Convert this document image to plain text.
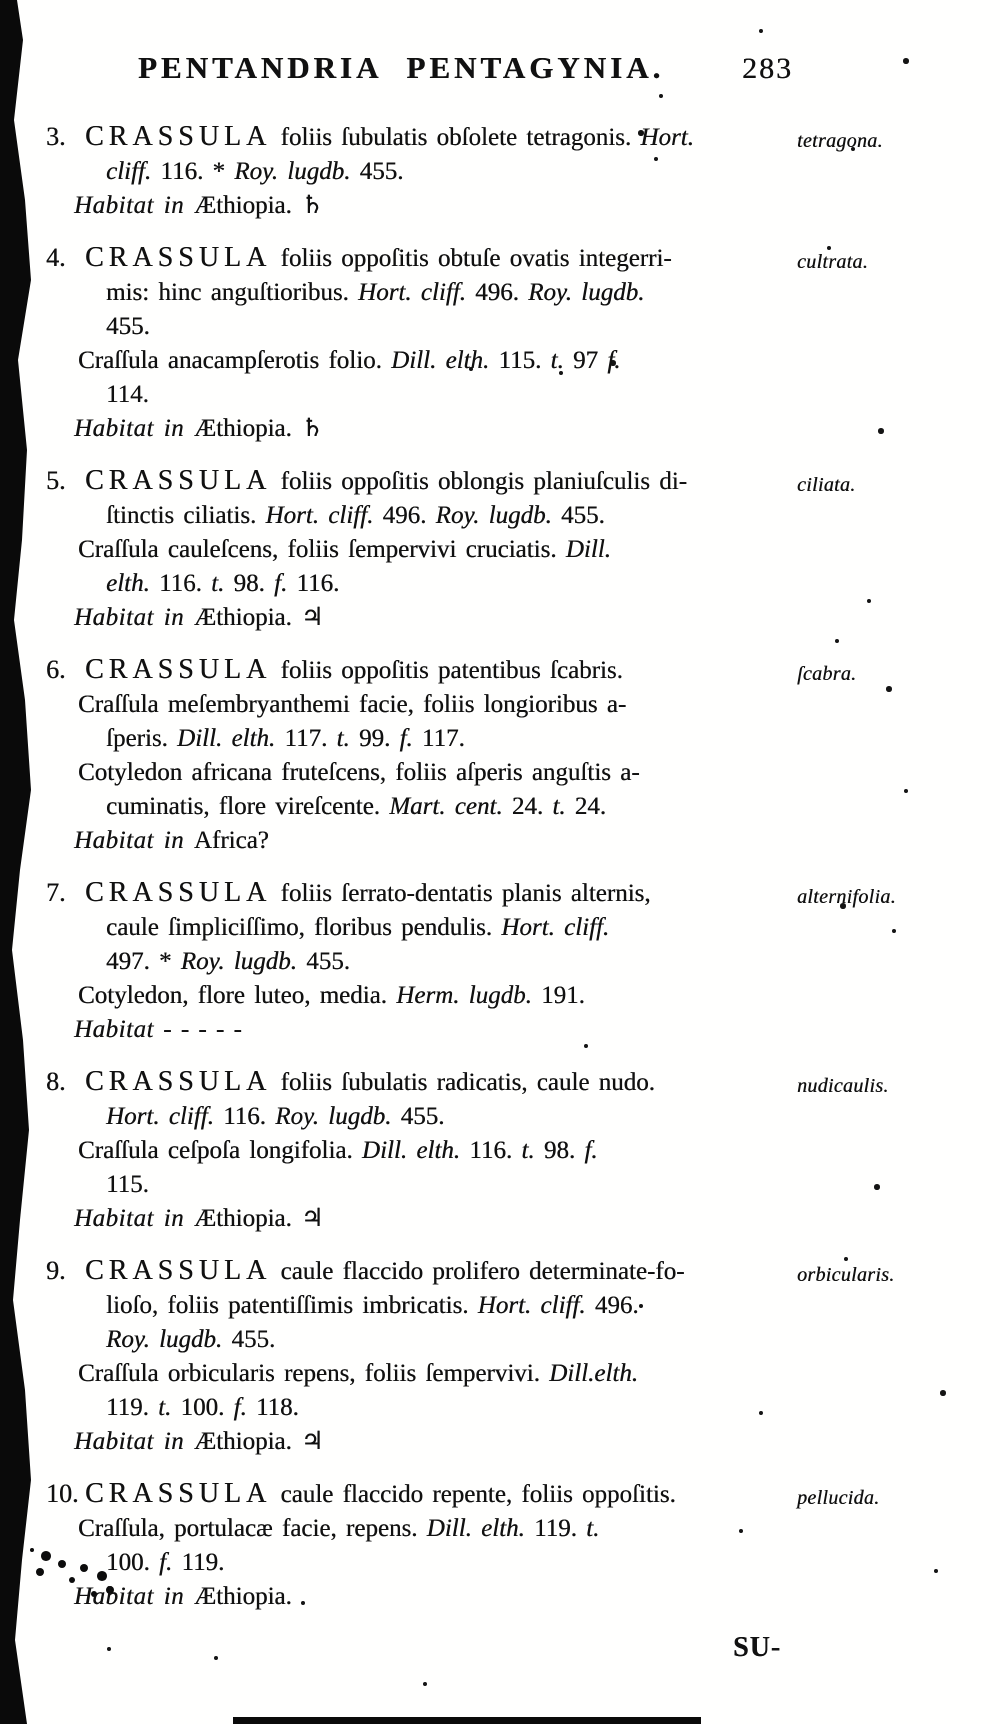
PENTANDRIA PENTAGYNIA.	283
3. CRASSULA foliis ſubulatis obſolete tetragonis. Hort.	tetragona.
cliff. 116. * Roy. lugdb. 455.
Habitat in Æthiopia. ♄
4. CRASSULA foliis oppoſitis obtuſe ovatis integerri-	cultrata.
mis: hinc anguſtioribus. Hort. cliff. 496. Roy. lugdb.
455.
Craſſula anacampſerotis folio. Dill. elth. 115. t. 97 f.
114.
Habitat in Æthiopia. ♄
5. CRASSULA foliis oppoſitis oblongis planiuſculis di-	ciliata.
ſtinctis ciliatis. Hort. cliff. 496. Roy. lugdb. 455.
Craſſula cauleſcens, foliis ſempervivi cruciatis. Dill.
elth. 116. t. 98. f. 116.
Habitat in Æthiopia. ♃
6. CRASSULA foliis oppoſitis patentibus ſcabris.	ſcabra.
Craſſula meſembryanthemi facie, foliis longioribus a-
ſperis. Dill. elth. 117. t. 99. f. 117.
Cotyledon africana fruteſcens, foliis aſperis anguſtis a-
cuminatis, flore vireſcente. Mart. cent. 24. t. 24.
Habitat in Africa?
7. CRASSULA foliis ſerrato-dentatis planis alternis,	alternifolia.
caule ſimpliciſſimo, floribus pendulis. Hort. cliff.
497. * Roy. lugdb. 455.
Cotyledon, flore luteo, media. Herm. lugdb. 191.
Habitat - - - - -
8. CRASSULA foliis ſubulatis radicatis, caule nudo.	nudicaulis.
Hort. cliff. 116. Roy. lugdb. 455.
Craſſula ceſpoſa longifolia. Dill. elth. 116. t. 98. f.
115.
Habitat in Æthiopia. ♃
9. CRASSULA caule flaccido prolifero determinate-fo-	orbicularis.
lioſo, foliis patentiſſimis imbricatis. Hort. cliff. 496.
Roy. lugdb. 455.
Craſſula orbicularis repens, foliis ſempervivi. Dill.elth.
119. t. 100. f. 118.
Habitat in Æthiopia. ♃
10. CRASSULA caule flaccido repente, foliis oppoſitis.	pellucida.
Craſſula, portulacæ facie, repens. Dill. elth. 119. t.
100. f. 119.
Habitat in Æthiopia.
SU-
